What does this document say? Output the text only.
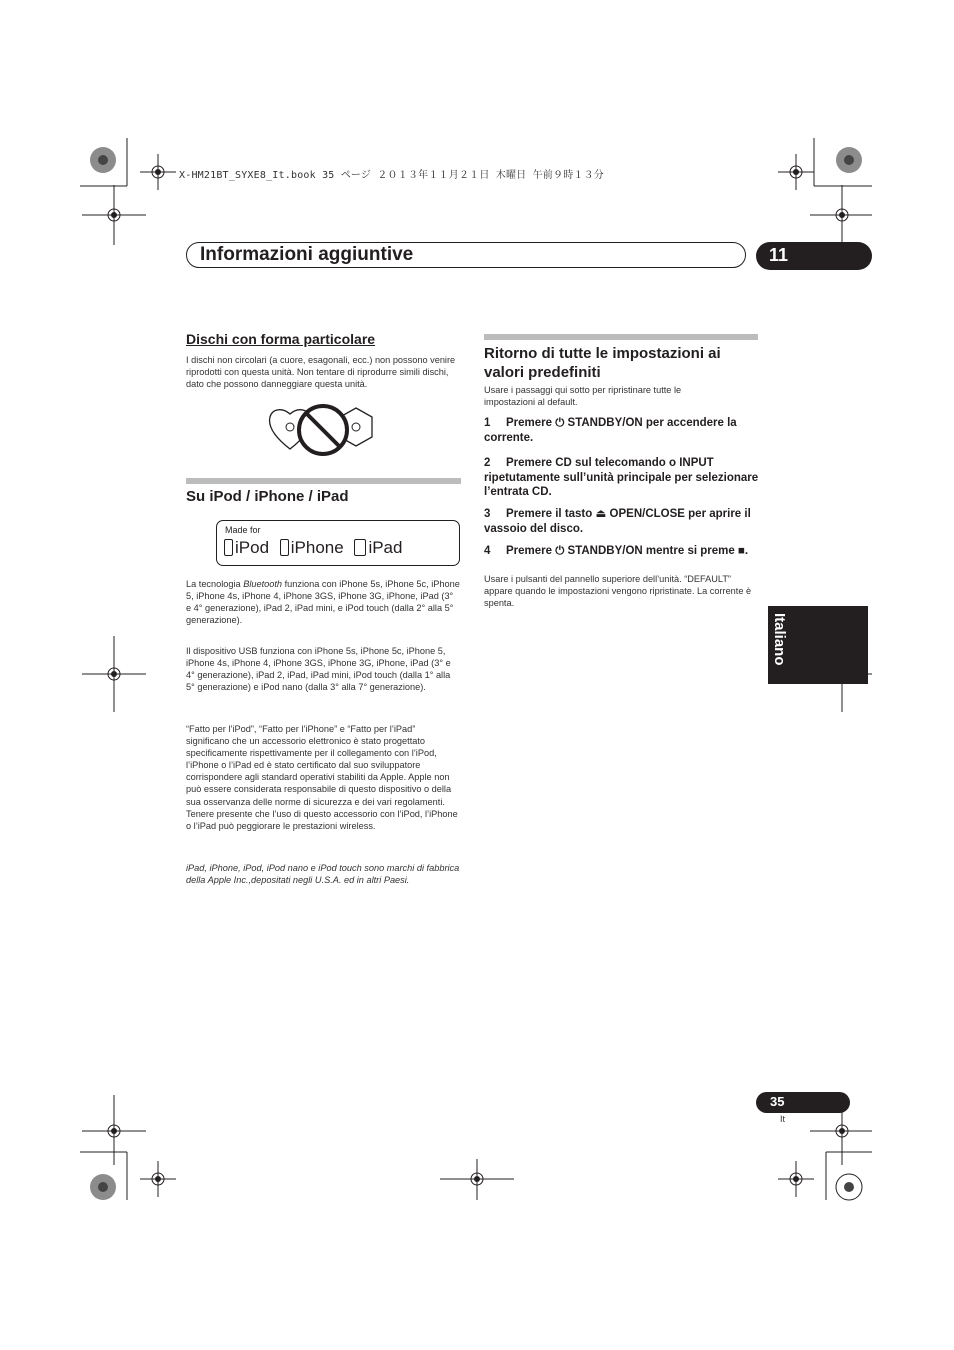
X-HM21BT_SYXE8_It.book 35 ページ ２０１３年１１月２１日 木曜日 午前９時１３分
Informazioni aggiuntive	11
Dischi con forma particolare

I dischi non circolari (a cuore, esagonali, ecc.) non possono venire riprodotti con questa unità. Non tentare di riprodurre simili dischi, dato che possono danneggiare questa unità.

Su iPod / iPhone / iPad
Made for
iPod iPhone iPad

La tecnologia Bluetooth funziona con iPhone 5s, iPhone 5c, iPhone 5, iPhone 4s, iPhone 4, iPhone 3GS, iPhone 3G, iPhone, iPad (3° e 4° generazione), iPad 2, iPad mini, e iPod touch (dalla 2° alla 5° generazione).

Il dispositivo USB funziona con iPhone 5s, iPhone 5c, iPhone 5, iPhone 4s, iPhone 4, iPhone 3GS, iPhone 3G, iPhone, iPad (3° e 4° generazione), iPad 2, iPad, iPad mini, iPod touch (dalla 1° alla 5° generazione) e iPod nano (dalla 3° alla 7° generazione).

“Fatto per l’iPod”, “Fatto per l’iPhone” e “Fatto per l’iPad” significano che un accessorio elettronico è stato progettato specificamente rispettivamente per il collegamento con l’iPod, l’iPhone o l’iPad ed è stato certificato dal suo sviluppatore corrispondere agli standard operativi stabiliti da Apple. Apple non può essere considerata responsabile di questo dispositivo o della sua osservanza delle norme di sicurezza e dei vari regolamenti. Tenere presente che l’uso di questo accessorio con l’iPod, l’iPhone o l’iPad può peggiorare le prestazioni wireless.

iPad, iPhone, iPod, iPod nano e iPod touch sono marchi di fabbrica della Apple Inc.,depositati negli U.S.A. ed in altri Paesi.

Ritorno di tutte le impostazioni ai valori predefiniti

Usare i passaggi qui sotto per ripristinare tutte le impostazioni al default.

1 Premere ⏻ STANDBY/ON per accendere la corrente.

2 Premere CD sul telecomando o INPUT ripetutamente sull’unità principale per selezionare l’entrata CD.

3 Premere il tasto ⏏ OPEN/CLOSE per aprire il vassoio del disco.

4 Premere ⏻ STANDBY/ON mentre si preme ■.

Usare i pulsanti del pannello superiore dell’unità. “DEFAULT” appare quando le impostazioni vengono ripristinate. La corrente è spenta.

Italiano
35
It
